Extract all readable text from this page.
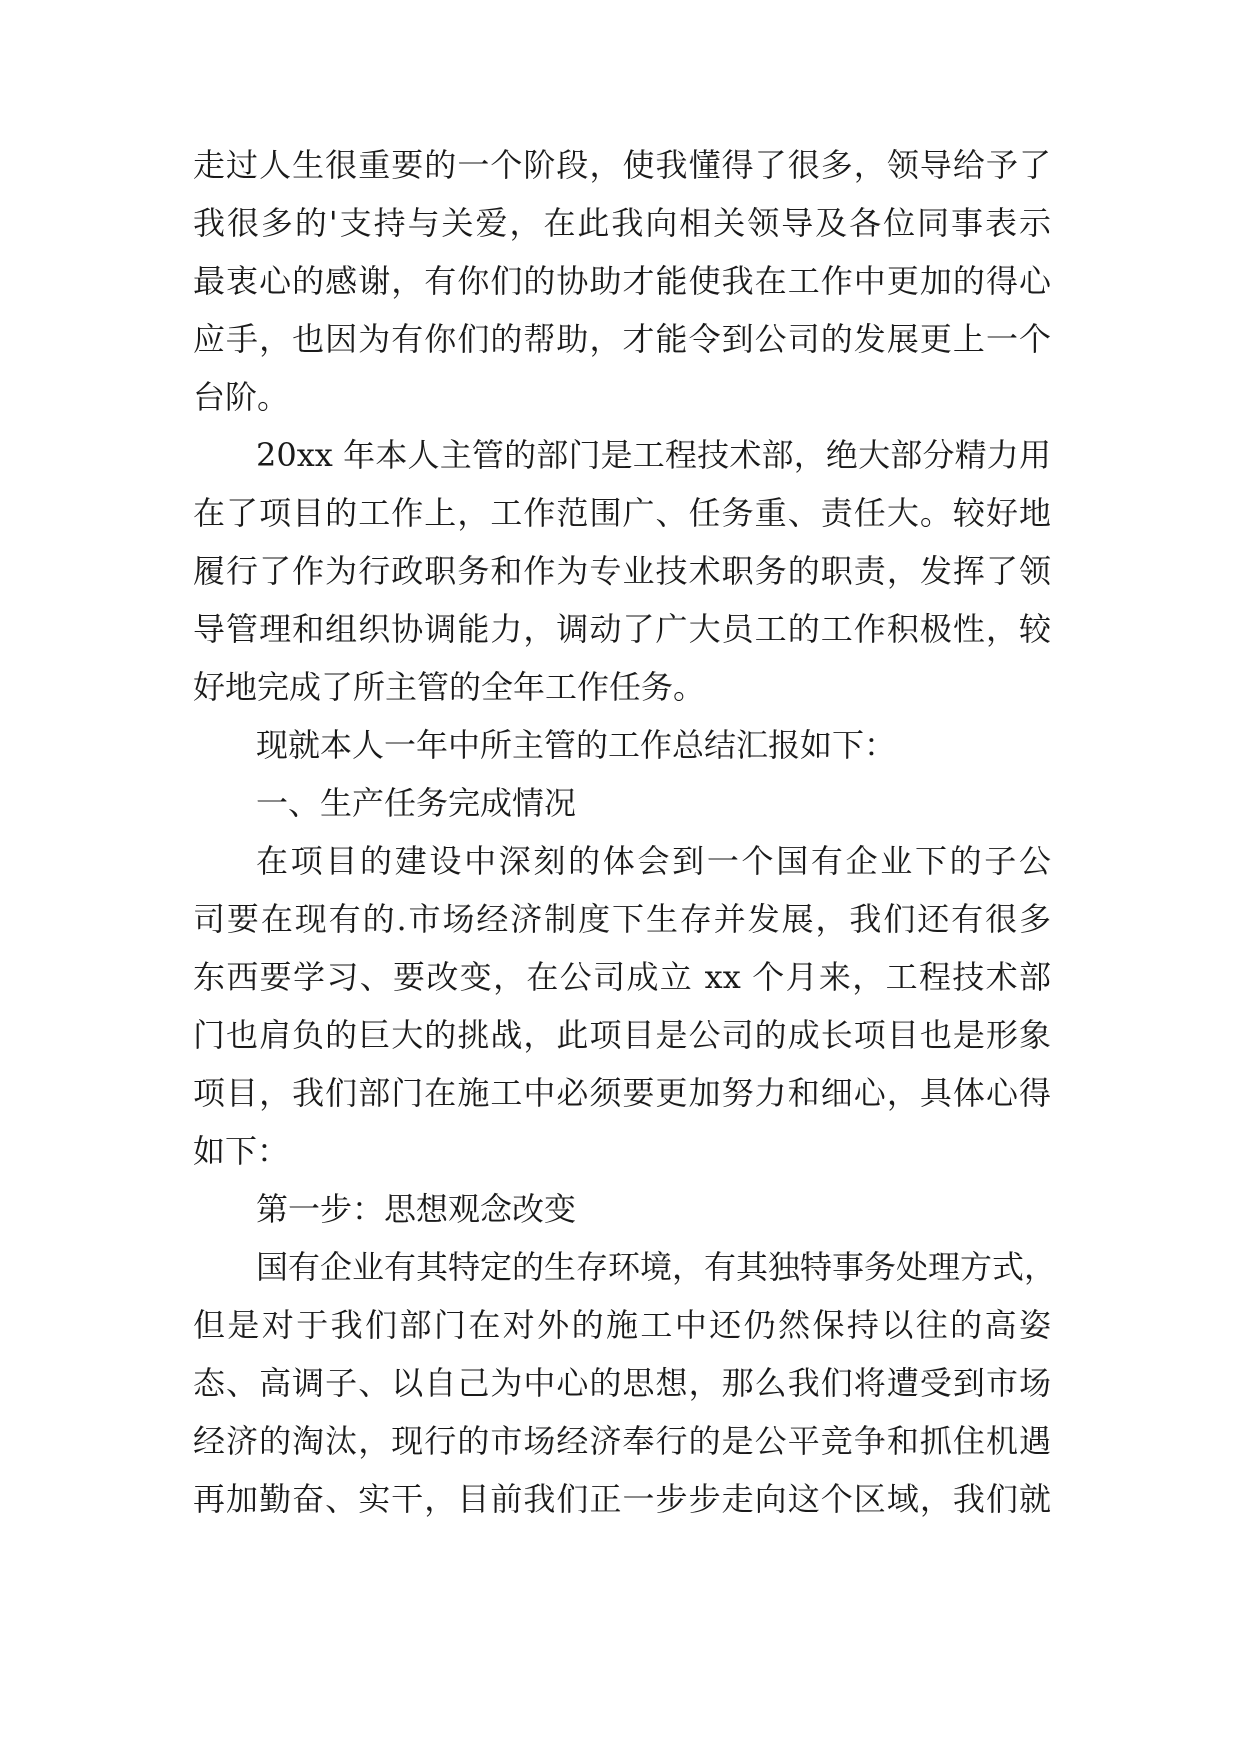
走过人生很重要的一个阶段，使我懂得了很多，领导给予了
我很多的'支持与关爱，在此我向相关领导及各位同事表示
最衷心的感谢，有你们的协助才能使我在工作中更加的得心
应手，也因为有你们的帮助，才能令到公司的发展更上一个
台阶。
20xx 年本人主管的部门是工程技术部，绝大部分精力用
在了项目的工作上，工作范围广、任务重、责任大。较好地
履行了作为行政职务和作为专业技术职务的职责，发挥了领
导管理和组织协调能力，调动了广大员工的工作积极性，较
好地完成了所主管的全年工作任务。
现就本人一年中所主管的工作总结汇报如下：
一、生产任务完成情况
在项目的建设中深刻的体会到一个国有企业下的子公
司要在现有的.市场经济制度下生存并发展，我们还有很多
东西要学习、要改变，在公司成立 xx 个月来，工程技术部
门也肩负的巨大的挑战，此项目是公司的成长项目也是形象
项目，我们部门在施工中必须要更加努力和细心，具体心得
如下：
第一步：思想观念改变
国有企业有其特定的生存环境，有其独特事务处理方式，
但是对于我们部门在对外的施工中还仍然保持以往的高姿
态、高调子、以自己为中心的思想，那么我们将遭受到市场
经济的淘汰，现行的市场经济奉行的是公平竞争和抓住机遇
再加勤奋、实干，目前我们正一步步走向这个区域，我们就
